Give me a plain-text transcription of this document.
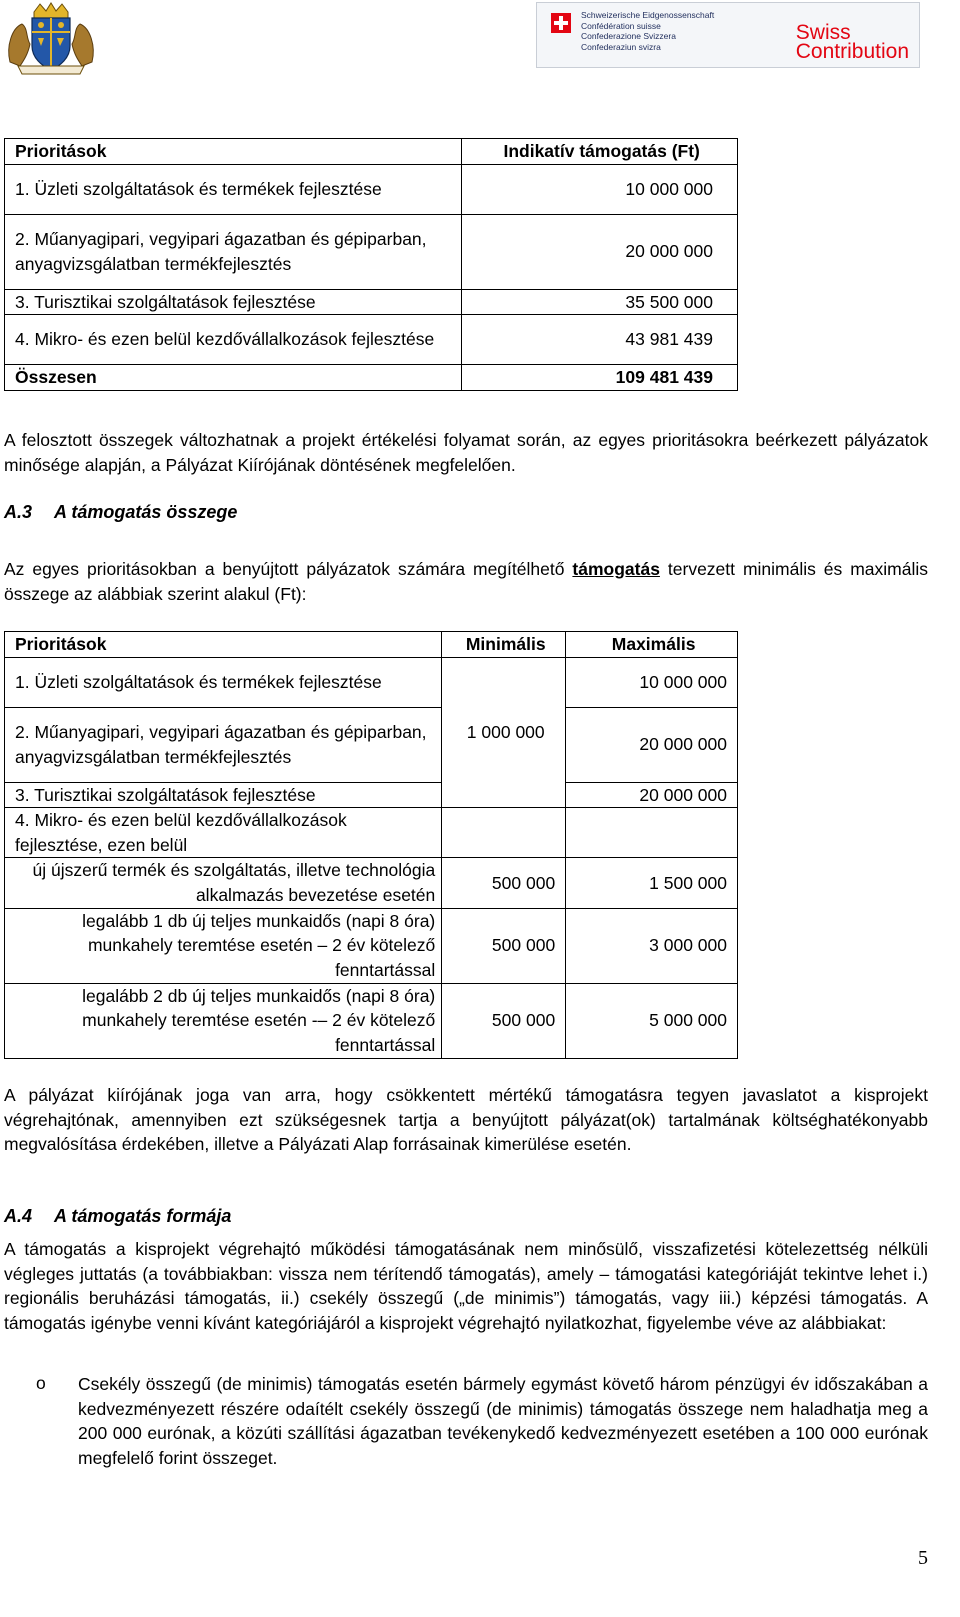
Schweizerische Eidgenossenschaft
Confédération suisse
Confederazione Svizzera
Confederaziun svizra
Swiss
Contribution
Prioritások	Indikatív támogatás (Ft)
1. Üzleti szolgáltatások és termékek fejlesztése	10 000 000
2. Műanyagipari, vegyipari ágazatban és gépiparban, anyagvizsgálatban termékfejlesztés	20 000 000
3. Turisztikai szolgáltatások fejlesztése	35 500 000
4. Mikro- és ezen belül kezdővállalkozások fejlesztése	43 981 439
Összesen	109 481 439
A felosztott összegek változhatnak a projekt értékelési folyamat során, az egyes prioritásokra beérkezett pályázatok minősége alapján, a Pályázat Kiírójának döntésének megfelelően.
A.3 A támogatás összege
Az egyes prioritásokban a benyújtott pályázatok számára megítélhető támogatás tervezett minimális és maximális összege az alábbiak szerint alakul (Ft):
Prioritások	Minimális	Maximális
1. Üzleti szolgáltatások és termékek fejlesztése	1 000 000	10 000 000
2. Műanyagipari, vegyipari ágazatban és gépiparban, anyagvizsgálatban termékfejlesztés		20 000 000
3. Turisztikai szolgáltatások fejlesztése		20 000 000
4. Mikro- és ezen belül kezdővállalkozások fejlesztése, ezen belül		
új újszerű termék és szolgáltatás, illetve technológia alkalmazás bevezetése esetén	500 000	1 500 000
legalább 1 db új teljes munkaidős (napi 8 óra) munkahely teremtése esetén – 2 év kötelező fenntartással	500 000	3 000 000
legalább 2 db új teljes munkaidős (napi 8 óra) munkahely teremtése esetén -– 2 év kötelező fenntartással	500 000	5 000 000
A pályázat kiírójának joga van arra, hogy csökkentett mértékű támogatásra tegyen javaslatot a kisprojekt végrehajtónak, amennyiben ezt szükségesnek tartja a benyújtott pályázat(ok) tartalmának költséghatékonyabb megvalósítása érdekében, illetve a Pályázati Alap forrásainak kimerülése esetén.
A.4 A támogatás formája
A támogatás a kisprojekt végrehajtó működési támogatásának nem minősülő, visszafizetési kötelezettség nélküli végleges juttatás (a továbbiakban: vissza nem térítendő támogatás), amely – támogatási kategóriáját tekintve lehet i.) regionális beruházási támogatás, ii.) csekély összegű („de minimis”) támogatás, vagy iii.) képzési támogatás. A támogatás igénybe venni kívánt kategóriájáról a kisprojekt végrehajtó nyilatkozhat, figyelembe véve az alábbiakat:
o Csekély összegű (de minimis) támogatás esetén bármely egymást követő három pénzügyi év időszakában a kedvezményezett részére odaítélt csekély összegű (de minimis) támogatás összege nem haladhatja meg a 200 000 eurónak, a közúti szállítási ágazatban tevékenykedő kedvezményezett esetében a 100 000 eurónak megfelelő forint összeget.
5
